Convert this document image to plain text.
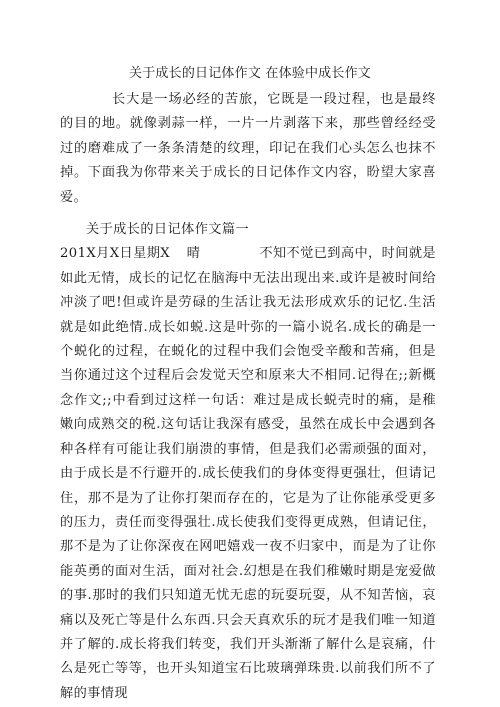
关于成长的日记体作文 在体验中成长作文

长大是一场必经的苦旅，它既是一段过程，也是最终的目的地。就像剥蒜一样，一片一片剥落下来，那些曾经经受过的磨难成了一条条清楚的纹理，印记在我们心头怎么也抹不掉。下面我为你带来关于成长的日记体作文内容，盼望大家喜爱。

关于成长的日记体作文篇一

201X月X日 星期X	晴	不知不觉已到高中，时间就是

如此无情，成长的记忆在脑海中无法出现出来.或许是被时间给冲淡了吧!但或许是劳碌的生活让我无法形成欢乐的记忆.生活就是如此绝情.成长如蜕.这是叶弥的一篇小说名.成长的确是一个蜕化的过程，在蜕化的过程中我们会饱受辛酸和苦痛，但是当你通过这个过程后会发觉天空和原来大不相同.记得在;;新概念作文;;中看到过这样一句话：难过是成长蜕壳时的痛，是稚嫩向成熟交的税.这句话让我深有感受，虽然在成长中会遇到各种各样有可能让我们崩溃的事情，但是我们必需顽强的面对，由于成长是不行避开的.成长使我们的身体变得更强壮，但请记住，那不是为了让你打架而存在的，它是为了让你能承受更多的压力，责任而变得强壮.成长使我们变得更成熟，但请记住，那不是为了让你深夜在网吧嬉戏一夜不归家中，而是为了让你能英勇的面对生活，面对社会.幻想是在我们稚嫩时期是宠爱做的事.那时的我们只知道无忧无虑的玩耍玩耍，从不知苦恼，哀痛以及死亡等是什么东西.只会天真欢乐的玩才是我们唯一知道并了解的.成长将我们转变，我们开头渐渐了解什么是哀痛，什么是死亡等等，也开头知道宝石比玻璃弹珠贵.以前我们所不了解的事情现
